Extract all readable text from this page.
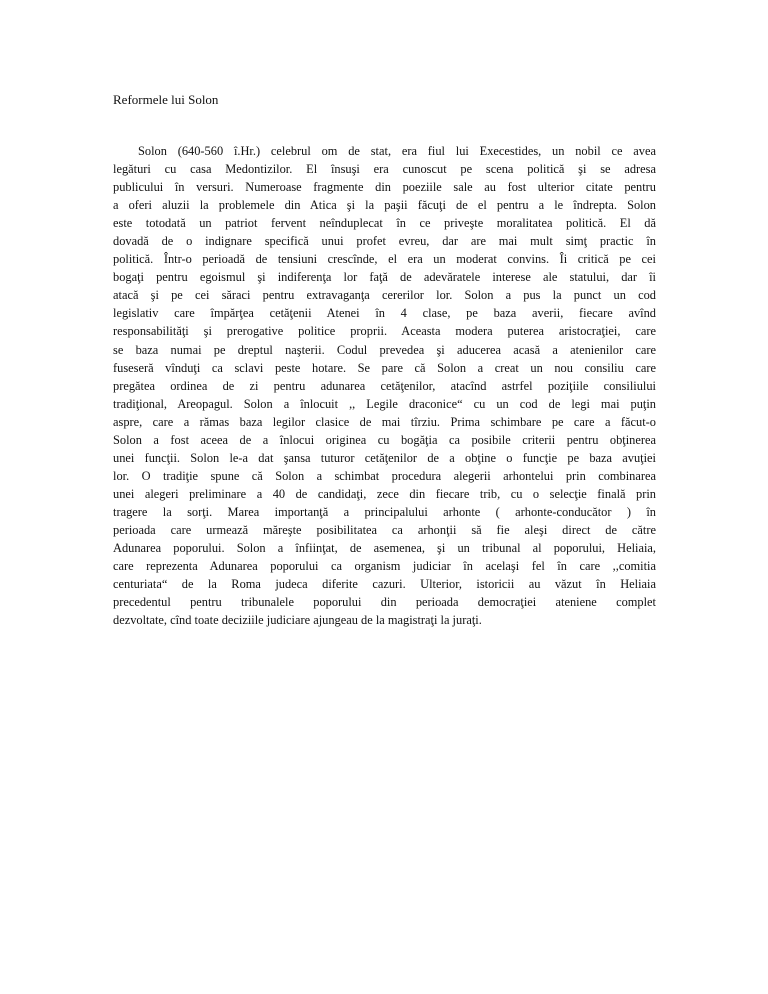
Reformele lui Solon
Solon (640-560 î.Hr.) celebrul om de stat, era fiul lui Execestides, un nobil ce avea
legături cu casa Medontizilor. El însuşi era cunoscut pe scena politică şi se adresa
publicului în versuri. Numeroase fragmente din poeziile sale au fost ulterior citate pentru
a oferi aluzii la problemele din Atica şi la paşii făcuţi de el pentru a le îndrepta. Solon
este totodată un patriot fervent neînduplecat în ce priveşte moralitatea politică. El dă
dovadă de o indignare specifică unui profet evreu, dar are mai mult simţ practic în
politică. Într-o perioadă de tensiuni crescînde, el era un moderat convins. Îi critică pe cei
bogaţi pentru egoismul şi indiferenţa lor faţă de adevăratele interese ale statului, dar îi
atacă şi pe cei săraci pentru extravaganţa cererilor lor. Solon a pus la punct un cod
legislativ care împărţea cetăţenii Atenei în 4 clase, pe baza averii, fiecare avînd
responsabilităţi şi prerogative politice proprii. Aceasta modera puterea aristocraţiei, care
se baza numai pe dreptul naşterii. Codul prevedea şi aducerea acasă a atenienilor care
fuseseră vînduţi ca sclavi peste hotare. Se pare că Solon a creat un nou consiliu care
pregătea ordinea de zi pentru adunarea cetăţenilor, atacînd astrfel poziţiile consiliului
tradiţional, Areopagul. Solon a înlocuit ,, Legile draconice“ cu un cod de legi mai puţin
aspre, care a rămas baza legilor clasice de mai tîrziu. Prima schimbare pe care a făcut-o
Solon a fost aceea de a înlocui originea cu bogăţia ca posibile criterii pentru obţinerea
unei funcţii. Solon le-a dat şansa tuturor cetăţenilor de a obţine o funcţie pe baza avuţiei
lor. O tradiţie spune că Solon a schimbat procedura alegerii arhontelui prin combinarea
unei alegeri preliminare a 40 de candidaţi, zece din fiecare trib, cu o selecţie finală prin
tragere la sorţi. Marea importanţă a principalului arhonte ( arhonte-conducător ) în
perioada care urmează măreşte posibilitatea ca arhonţii să fie aleşi direct de către
Adunarea poporului. Solon a înfiinţat, de asemenea, şi un tribunal al poporului, Heliaia,
care reprezenta Adunarea poporului ca organism judiciar în acelaşi fel în care ,,comitia
centuriata“ de la Roma judeca diferite cazuri. Ulterior, istoricii au văzut în Heliaia
precedentul pentru tribunalele poporului din perioada democraţiei ateniene complet
dezvoltate, cînd toate deciziile judiciare ajungeau de la magistraţi la juraţi.
